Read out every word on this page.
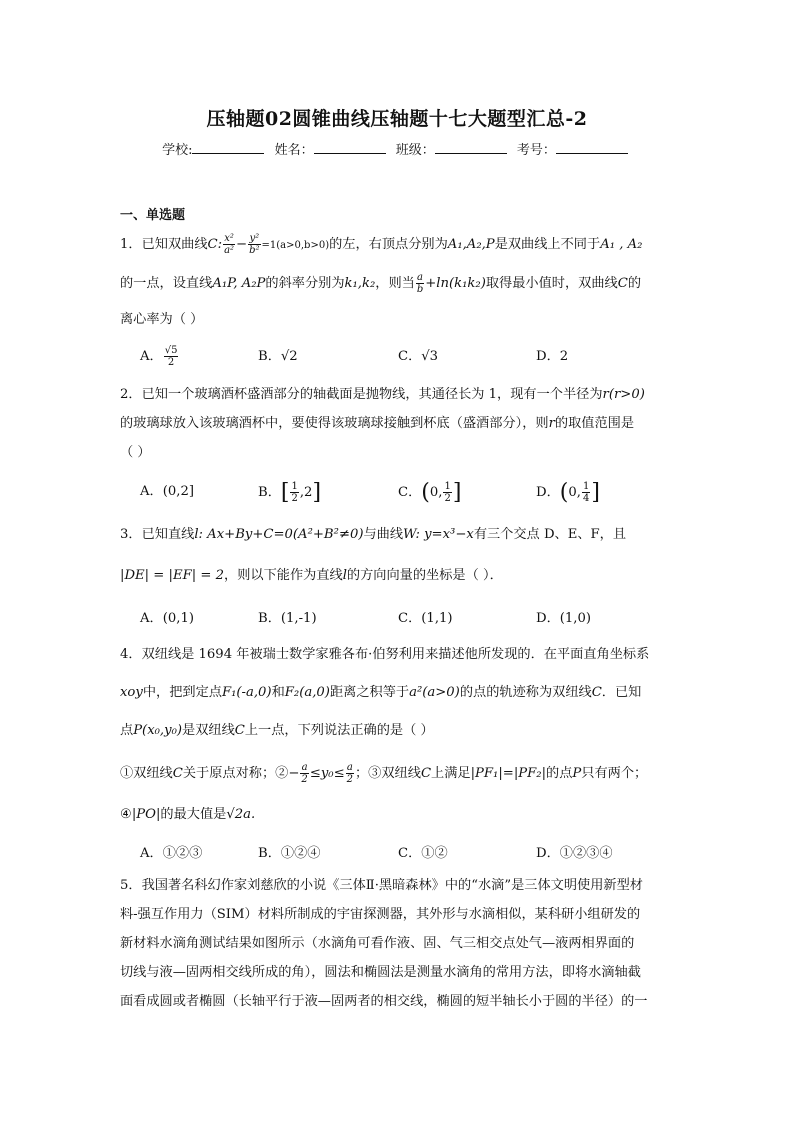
压轴题02圆锥曲线压轴题十七大题型汇总-2
学校:	姓名：	班级：	考号：
一、单选题
1．已知双曲线C: $\frac{\text{x²}}{\text{a²}} - \frac{\text{y²}}{\text{b²}} =1(a>0,b>0)$的左，右顶点分别为A₁,A₂,P是双曲线上不同于A₁ , A₂
的一点，设直线A₁P, A₂P的斜率分别为k₁,k₂，则当 $\frac{a}{b} +\ln(k_1k_2)$取得最小值时，双曲线C的
离心率为（ ）
A． $\frac{√5}{2}$	B．√2	C．√3	D．2
2．已知一个玻璃酒杯盛酒部分的轴截面是抛物线，其通径长为 1，现有一个半径为r(r>0)
的玻璃球放入该玻璃酒杯中，要使得该玻璃球接触到杯底（盛酒部分），则r的取值范围是
（ ）
A．(0,2]	B．[ $\frac{1}{2} ,2$]	C．(0, $\frac{1}{2}$ ]	D．(0, $\frac{1}{4}$ ]
3．已知直线l: Ax+By+C=0(A²+B²≠0)与曲线W: y=x³−x有三个交点 D、E、F，且
|DE| = |EF| = 2，则以下能作为直线l的方向向量的坐标是（ ）．
A．(0,1)	B．(1,-1)	C．(1,1)	D．(1,0)
4．双纽线是 1694 年被瑞士数学家雅各布·伯努利用来描述他所发现的．在平面直角坐标系
xoy中，把到定点F₁(-a,0)和F₂(a,0)距离之积等于a²(a>0)的点的轨迹称为双纽线C．已知
点P(x₀,y₀)是双纽线C上一点，下列说法正确的是（ ）
①双纽线C关于原点对称；②− $\frac{a}{2} \le y_0\le \frac{a}{2}$ ；③双纽线C上满足|PF₁|=|PF₂|的点P只有两个；
④|PO|的最大值是√2a.
A．①②③	B．①②④	C．①②	D．①②③④
5．我国著名科幻作家刘慈欣的小说《三体Ⅱ·黑暗森林》中的“水滴”是三体文明使用新型材
料-强互作用力（SIM）材料所制成的宇宙探测器，其外形与水滴相似，某科研小组研发的
新材料水滴角测试结果如图所示（水滴角可看作液、固、气三相交点处气—液两相界面的
切线与液—固两相交线所成的角），圆法和椭圆法是测量水滴角的常用方法，即将水滴轴截
面看成圆或者椭圆（长轴平行于液—固两者的相交线，椭圆的短半轴长小于圆的半径）的一
